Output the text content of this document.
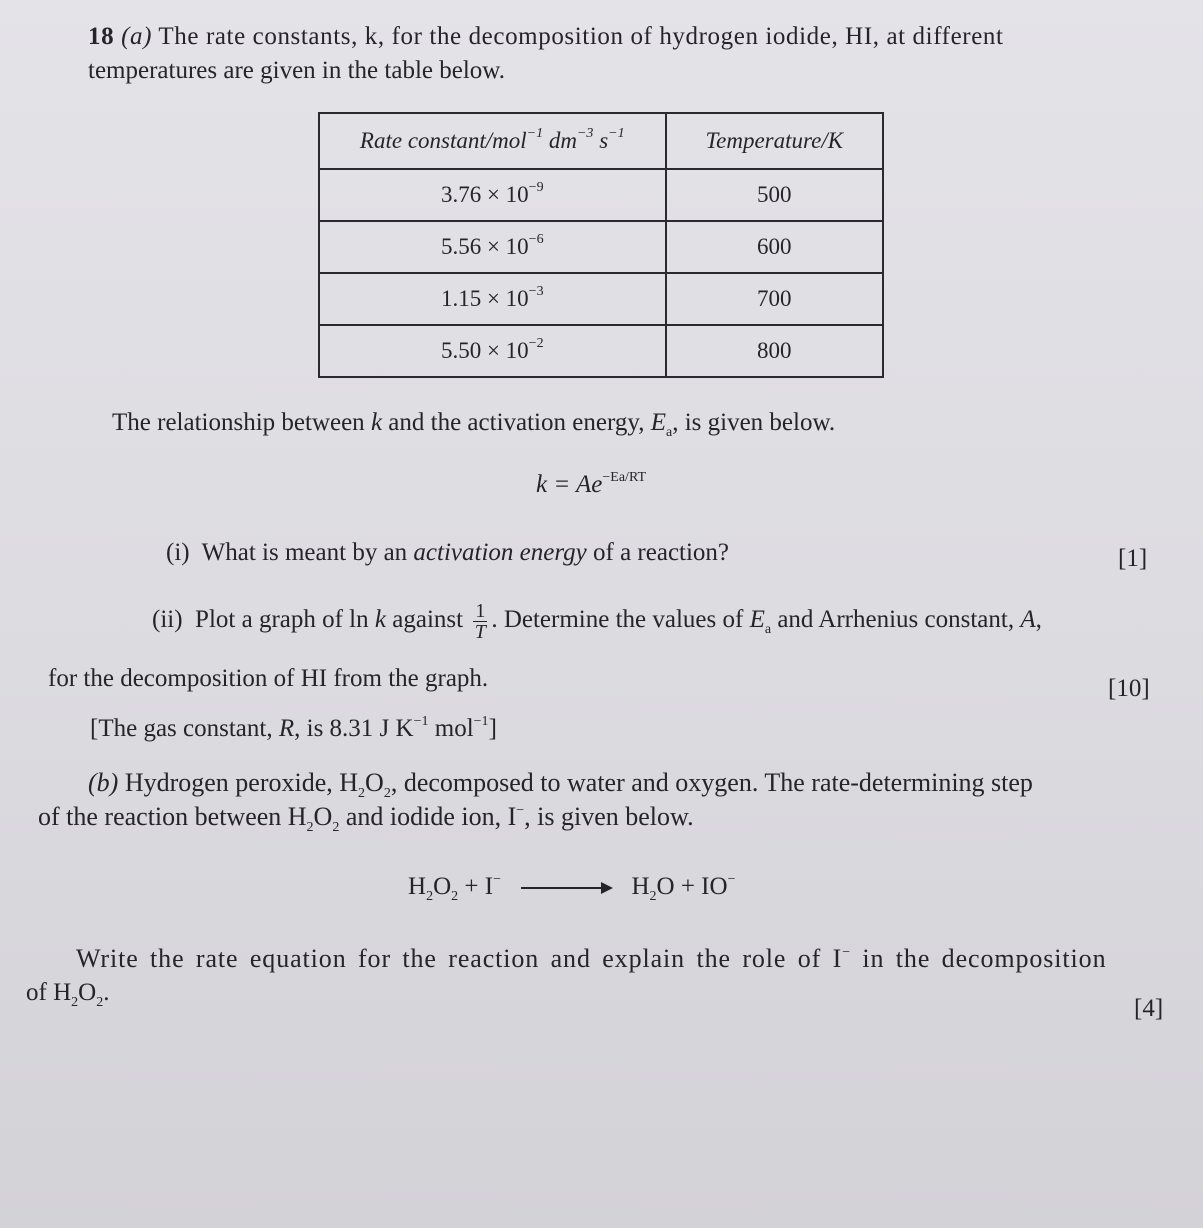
18 (a) The rate constants, k, for the decomposition of hydrogen iodide, HI, at different
temperatures are given in the table below.
Rate constant/mol$^{-1}$ $dm^{-3}$ $s^{-1}$	Temperature/K
$3.76 \times 10^{-9}$	500
$5.56 \times 10^{-6}$	600
$1.15 \times 10^{-3}$	700
$5.50 \times 10^{-2}$	800
The relationship between k and the activation energy, $E_a$, is given below.
$k = Ae^{-Ea/RT}$
(i) What is meant by an activation energy of a reaction?	[1]
(ii) Plot a graph of ln k against $\frac{1}{T}$ . Determine the values of $E_a$ and Arrhenius constant, A,
for the decomposition of HI from the graph.	[10]
[The gas constant, R, is 8.31 J $K^{-1}$ mol$^{-1}$]
(b) Hydrogen peroxide, $H_2O_2$, decomposed to water and oxygen. The rate-determining step
of the reaction between $H_2O_2$ and iodide ion, I−, is given below.
$H_2O_2 + I^- \to H_2O + IO^-$
Write the rate equation for the reaction and explain the role of I− in the decomposition
of $H_2O_2$.
[4]
